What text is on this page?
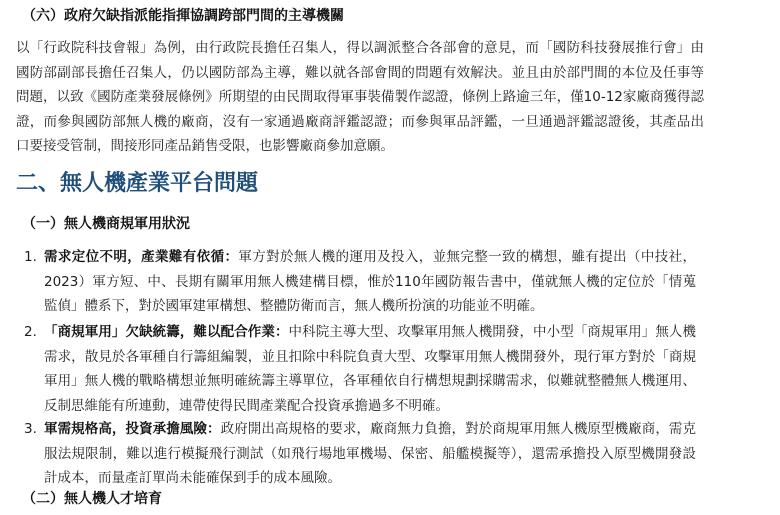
（六）政府欠缺指派能指揮協調跨部門間的主導機關

以「行政院科技會報」為例，由行政院長擔任召集人，得以調派整合各部會的意見，而「國防科技發展推行會」由國防部副部長擔任召集人，仍以國防部為主導，難以就各部會間的問題有效解決。並且由於部門間的本位及任事等問題，以致《國防產業發展條例》所期望的由民間取得軍事裝備製作認證，條例上路逾三年，僅10-12家廠商獲得認證，而參與國防部無人機的廠商，沒有一家通過廠商評鑑認證；而參與軍品評鑑，一旦通過評鑑認證後，其產品出口要接受管制，間接形同產品銷售受限，也影響廠商參加意願。

二、無人機產業平台問題
（一）無人機商規軍用狀況
1. 需求定位不明，產業難有依循：軍方對於無人機的運用及投入，並無完整一致的構想，雖有提出（中技社，2023）軍方短、中、長期有關軍用無人機建構目標，惟於110年國防報告書中，僅就無人機的定位於「情蒐監偵」體系下，對於國軍建軍構想、整體防衛而言，無人機所扮演的功能並不明確。
2. 「商規軍用」欠缺統籌，難以配合作業：中科院主導大型、攻擊軍用無人機開發，中小型「商規軍用」無人機需求，散見於各軍種自行籌組編製，並且扣除中科院負責大型、攻擊軍用無人機開發外，現行軍方對於「商規軍用」無人機的戰略構想並無明確統籌主導單位，各軍種依自行構想規劃採購需求，似難就整體無人機運用、反制思維能有所連動，連帶使得民間產業配合投資承擔過多不明確。
3. 軍需規格高，投資承擔風險：政府開出高規格的要求，廠商無力負擔，對於商規軍用無人機原型機廠商，需克服法規限制，難以進行模擬飛行測試（如飛行場地軍機場、保密、船艦模擬等），還需承擔投入原型機開發設計成本，而量產訂單尚未能確保到手的成本風險。
（二）無人機人才培育
